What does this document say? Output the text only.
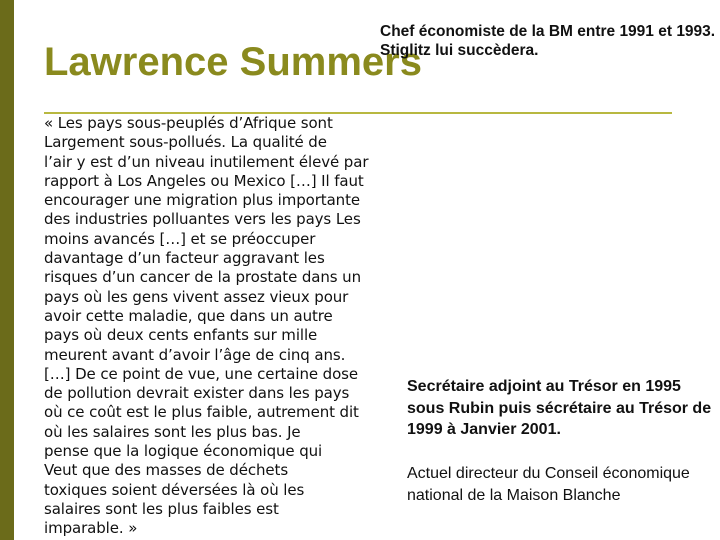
Lawrence Summers

Chef économiste de la BM entre 1991 et 1993. Stiglitz lui succèdera.

« Les pays sous-peuplés d’Afrique sont
Largement sous-pollués. La qualité de
l’air y est d’un niveau inutilement élevé par
rapport à Los Angeles ou Mexico […] Il faut
encourager une migration plus importante
des industries polluantes vers les pays Les
moins avancés […] et se préoccuper
davantage d’un facteur aggravant les
risques d’un cancer de la prostate dans un
pays où les gens vivent assez vieux pour
avoir cette maladie, que dans un autre
pays où deux cents enfants sur mille
meurent avant d’avoir l’âge de cinq ans.
[…] De ce point de vue, une certaine dose
de pollution devrait exister dans les pays
où ce coût est le plus faible, autrement dit
où les salaires sont les plus bas. Je
pense que la logique économique qui
Veut que des masses de déchets
toxiques soient déversées là où les
salaires sont les plus faibles est
imparable. »

Secrétaire adjoint au Trésor en 1995 sous Rubin puis sécrétaire au Trésor de 1999 à Janvier 2001.

Actuel directeur du Conseil économique national de la Maison Blanche
